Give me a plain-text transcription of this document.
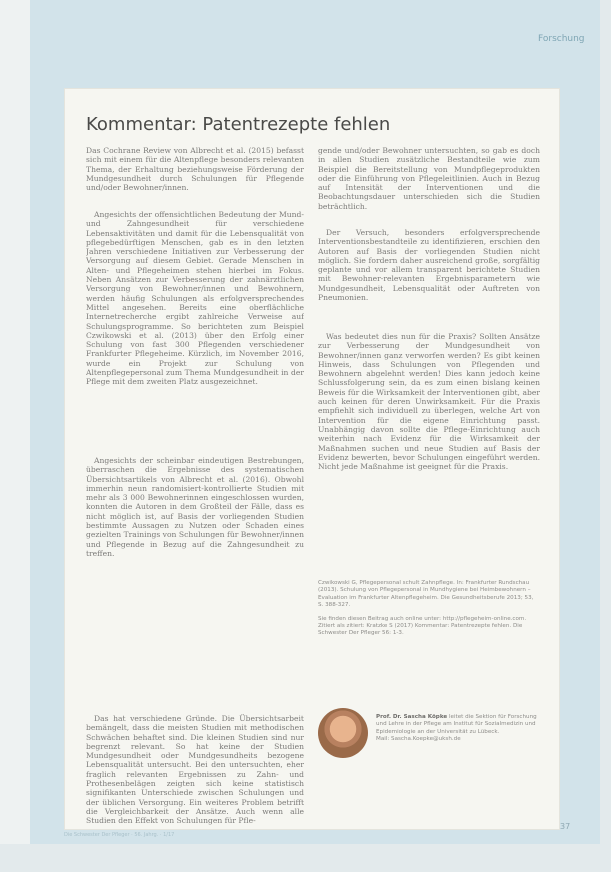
Forschung
Kommentar: Patentrezepte fehlen

Das Cochrane Review von Albrecht et al. (2015) befasst sich mit einem für die Altenpflege besonders relevanten Thema, der Erhaltung beziehungsweise Förderung der Mundgesundheit durch Schulungen für Pflegende und/oder Bewohner/innen.

Angesichts der offensichtlichen Bedeutung der Mund- und Zahngesundheit für verschiedene Lebensaktivitäten und damit für die Lebensqualität von pflegebedürftigen Menschen, gab es in den letzten Jahren verschiedene Initiativen zur Verbesserung der Versorgung auf diesem Gebiet. Gerade Menschen in Alten- und Pflegeheimen stehen hierbei im Fokus. Neben Ansätzen zur Verbesserung der zahnärztlichen Versorgung von Bewohner/innen und Bewohnern, werden häufig Schulungen als erfolgversprechendes Mittel angesehen. Bereits eine oberflächliche Internetrecherche ergibt zahlreiche Verweise auf Schulungsprogramme. So berichteten zum Beispiel Czwikowski et al. (2013) über den Erfolg einer Schulung von fast 300 Pflegenden verschiedener Frankfurter Pflegeheime. Kürzlich, im November 2016, wurde ein Projekt zur Schulung von Altenpflegepersonal zum Thema Mundgesundheit in der Pflege mit dem zweiten Platz ausgezeichnet.

Angesichts der scheinbar eindeutigen Bestrebungen, überraschen die Ergebnisse des systematischen Übersichtsartikels von Albrecht et al. (2016). Obwohl immerhin neun randomisiert-kontrollierte Studien mit mehr als 3 000 Bewohnerinnen eingeschlossen wurden, konnten die Autoren in dem Großteil der Fälle, dass es nicht möglich ist, auf Basis der vorliegenden Studien bestimmte Aussagen zu Nutzen oder Schaden eines gezielten Trainings von Schulungen für Bewohner/innen und Pflegende in Bezug auf die Zahngesundheit zu treffen.

Das hat verschiedene Gründe. Die Übersichtsarbeit bemängelt, dass die meisten Studien mit methodischen Schwächen behaftet sind. Die kleinen Studien sind nur begrenzt relevant. So hat keine der Studien Mundgesundheit oder Mundgesundheits bezogene Lebensqualität untersucht. Bei den untersuchten, eher fraglich relevanten Ergebnissen zu Zahn- und Prothesenbelägen zeigten sich keine statistisch signifikanten Unterschiede zwischen Schulungen und der üblichen Versorgung. Ein weiteres Problem betrifft die Vergleichbarkeit der Ansätze. Auch wenn alle Studien den Effekt von Schulungen für Pfle-

gende und/oder Bewohner untersuchten, so gab es doch in allen Studien zusätzliche Bestandteile wie zum Beispiel die Bereitstellung von Mundpflegeprodukten oder die Einführung von Pflegeleitlinien. Auch in Bezug auf Intensität der Interventionen und die Beobachtungsdauer unterschieden sich die Studien beträchtlich.

Der Versuch, besonders erfolgversprechende Interventionsbestandteile zu identifizieren, erschien den Autoren auf Basis der vorliegenden Studien nicht möglich. Sie fordern daher ausreichend große, sorgfältig geplante und vor allem transparent berichtete Studien mit Bewohner-relevanten Ergebnisparametern wie Mundgesundheit, Lebensqualität oder Auftreten von Pneumonien.

Was bedeutet dies nun für die Praxis? Sollten Ansätze zur Verbesserung der Mundgesundheit von Bewohner/innen ganz verworfen werden? Es gibt keinen Hinweis, dass Schulungen von Pflegenden und Bewohnern abgelehnt werden! Dies kann jedoch keine Schlussfolgerung sein, da es zum einen bislang keinen Beweis für die Wirksamkeit der Interventionen gibt, aber auch keinen für deren Unwirksamkeit. Für die Praxis empfiehlt sich individuell zu überlegen, welche Art von Intervention für die eigene Einrichtung passt. Unabhängig davon sollte die Pflege-Einrichtung auch weiterhin nach Evidenz für die Wirksamkeit der Maßnahmen suchen und neue Studien auf Basis der Evidenz bewerten, bevor Schulungen eingeführt werden. Nicht jede Maßnahme ist geeignet für die Praxis.

Czwikowski G, Pflegepersonal schult Zahnpflege. In: Frankfurter Rundschau (2013). Schulung von Pflegepersonal in Mundhygiene bei Heimbewohnern – Evaluation im Frankfurter Altenpflegeheim. Die Gesundheitsberufe 2013; 53, S. 388-327.

Sie finden diesen Beitrag auch online unter: http://pflegeheim-online.com. Zitiert als zitiert: Kratzke S (2017) Kommentar: Patentrezepte fehlen. Die Schwester Der Pfleger 56: 1-3.

Prof. Dr. Sascha Köpke leitet die Sektion für Forschung und Lehre in der Pflege am Institut für Sozialmedizin und Epidemiologie an der Universität zu Lübeck.
Mail: Sascha.Koepke@uksh.de
Die Schwester Der Pfleger · 56. Jahrg. · 1/17
37
